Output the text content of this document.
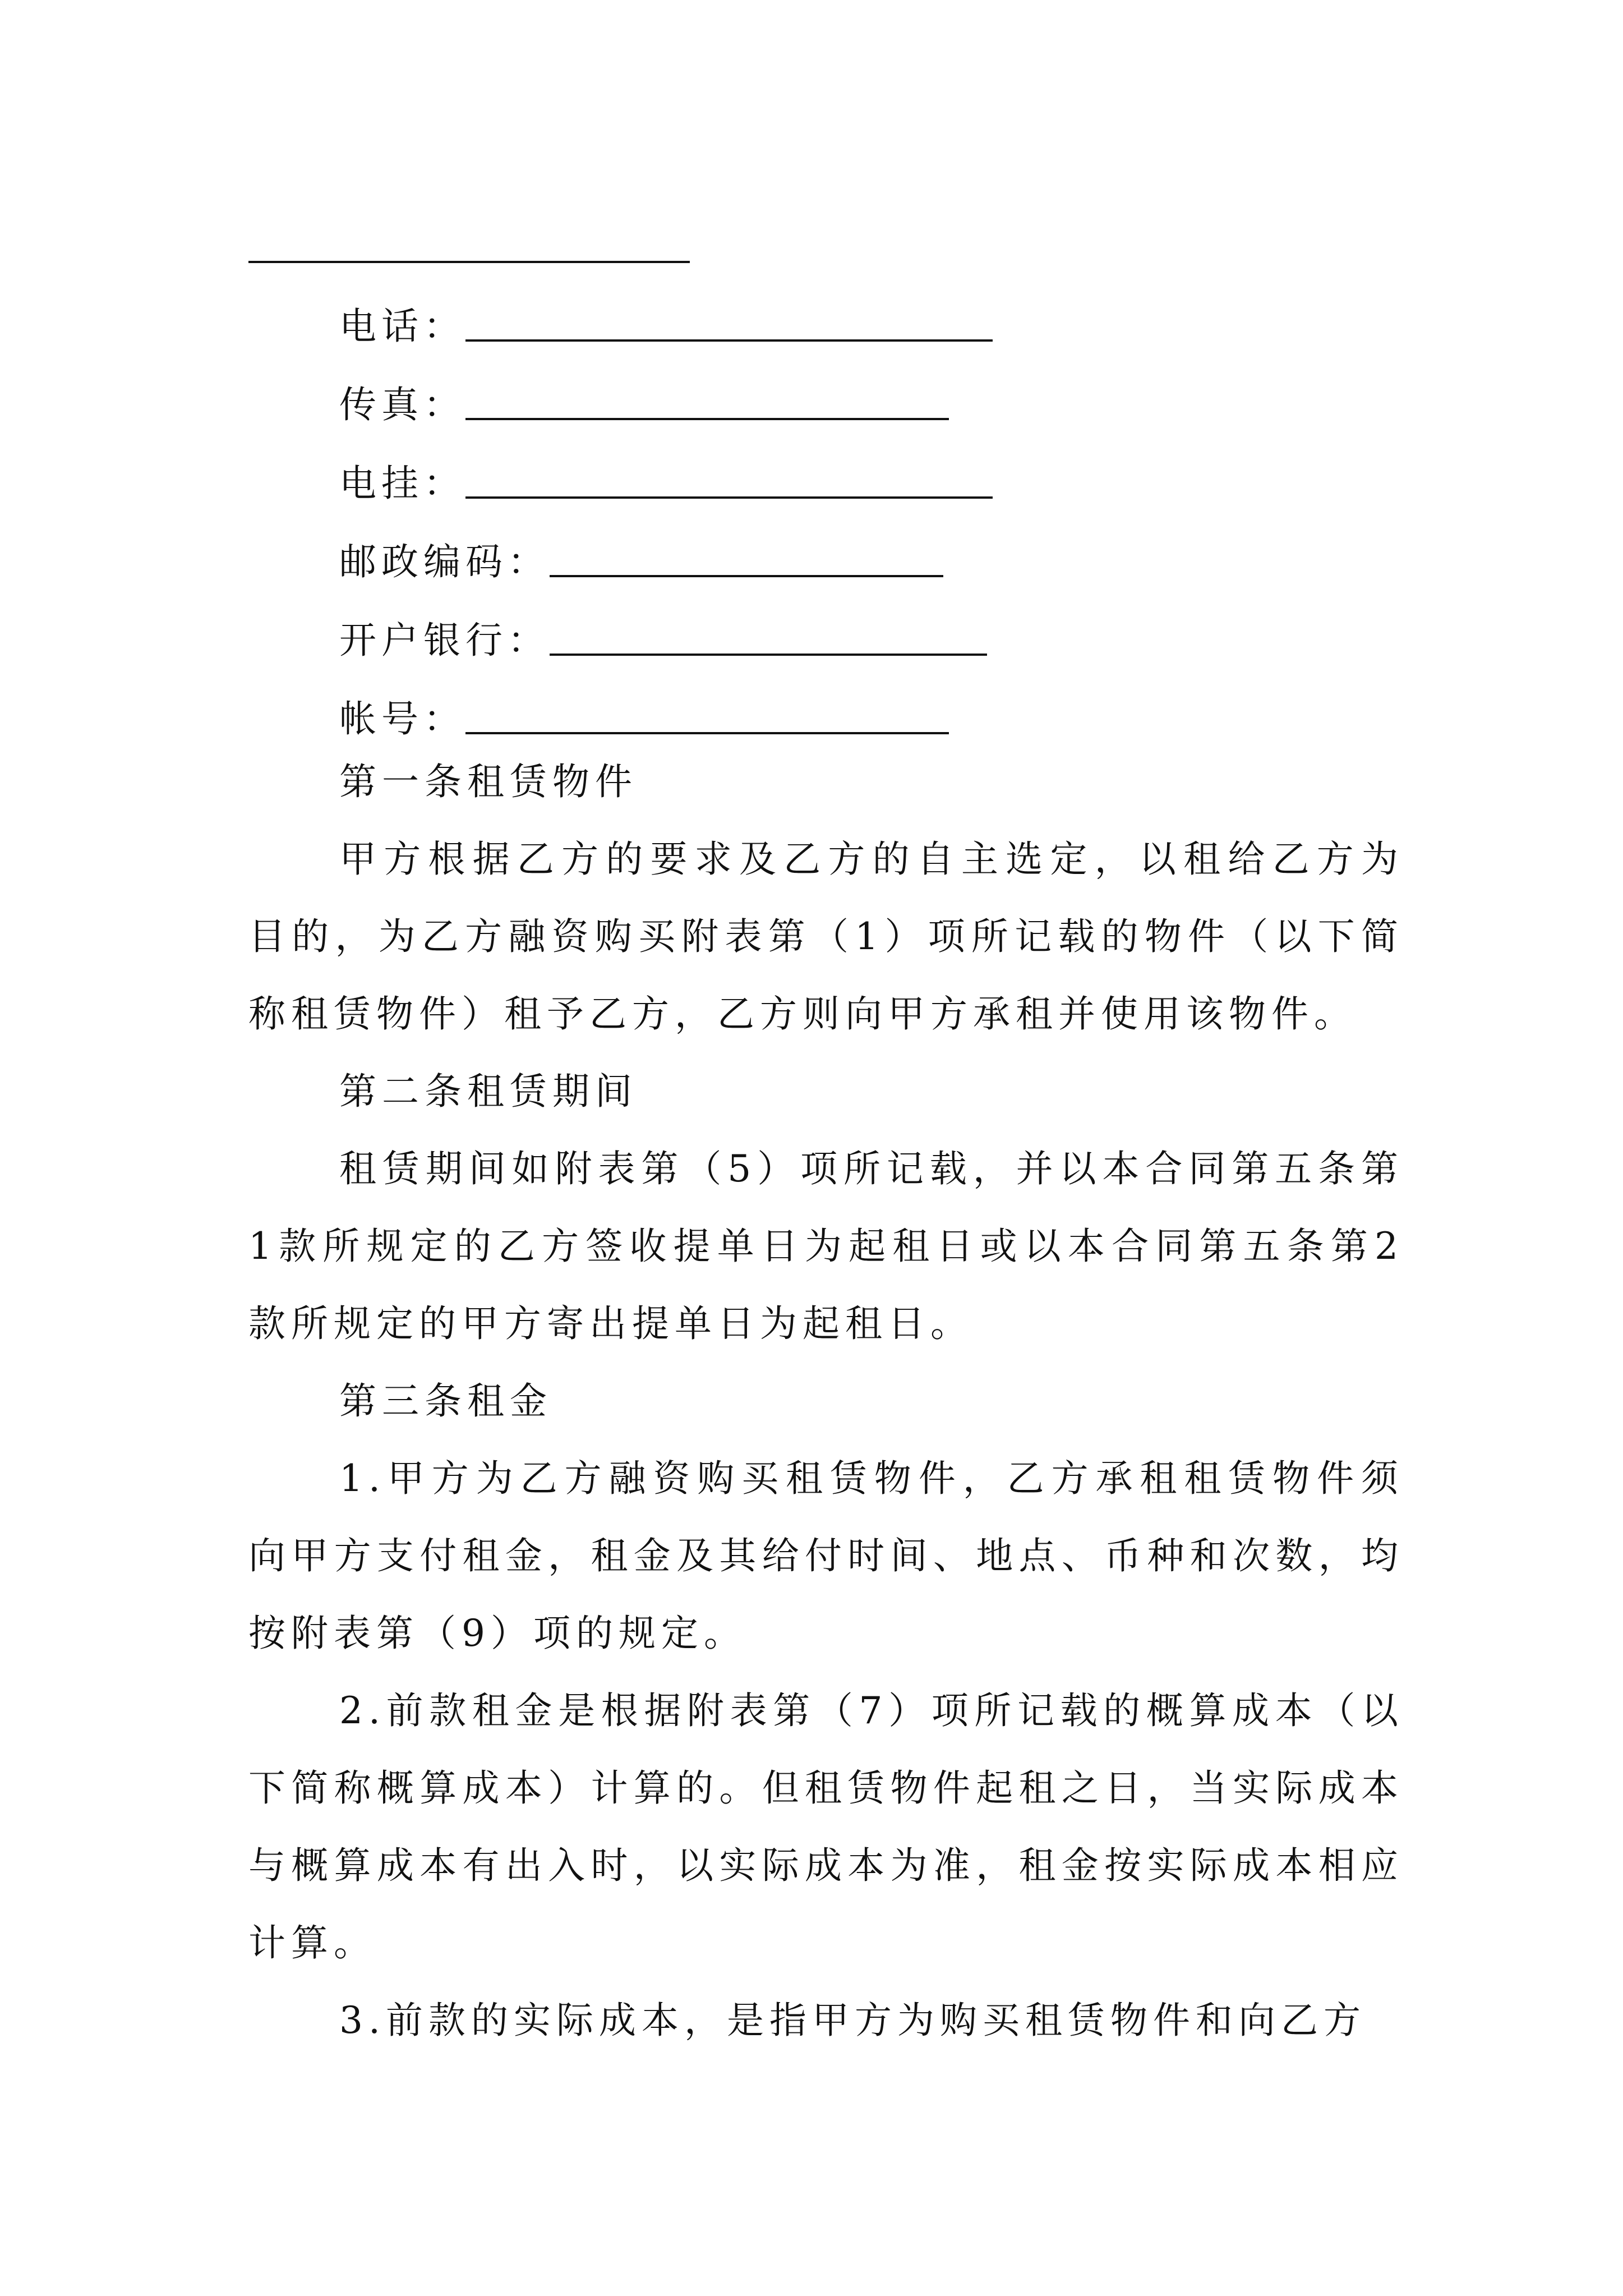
电话：
传真：
电挂：
邮政编码：
开户银行：
帐号：

第一条租赁物件

甲方根据乙方的要求及乙方的自主选定，以租给乙方为目的，为乙方融资购买附表第（1）项所记载的物件（以下简称租赁物件）租予乙方，乙方则向甲方承租并使用该物件。

第二条租赁期间

租赁期间如附表第（5）项所记载，并以本合同第五条第1款所规定的乙方签收提单日为起租日或以本合同第五条第2款所规定的甲方寄出提单日为起租日。

第三条租金

1.甲方为乙方融资购买租赁物件，乙方承租租赁物件须向甲方支付租金，租金及其给付时间、地点、币种和次数，均按附表第（9）项的规定。

2.前款租金是根据附表第（7）项所记载的概算成本（以下简称概算成本）计算的。但租赁物件起租之日，当实际成本与概算成本有出入时，以实际成本为准，租金按实际成本相应计算。

3.前款的实际成本，是指甲方为购买租赁物件和向乙方
